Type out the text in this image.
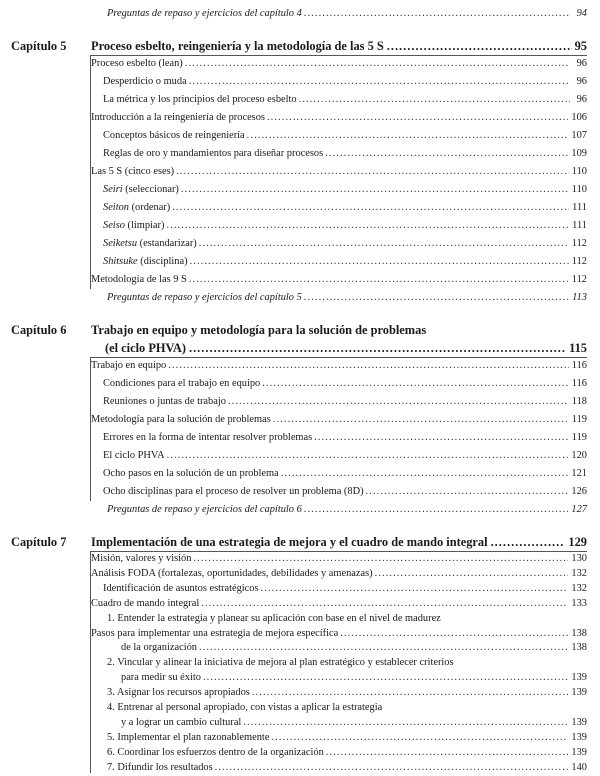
Preguntas de repaso y ejercicios del capítulo 4 .....	94
Capítulo 5 Proceso esbelto, reingeniería y la metodología de las 5 S .....	95
Proceso esbelto (lean) .....	96
Desperdicio o muda .....	96
La métrica y los principios del proceso esbelto .....	96
Introducción a la reingeniería de procesos .....	106
Conceptos básicos de reingeniería .....	107
Reglas de oro y mandamientos para diseñar procesos .....	109
Las 5 S (cinco eses) .....	110
Seiri (seleccionar) .....	110
Seiton (ordenar) .....	111
Seiso (limpiar) .....	111
Seiketsu (estandarizar) .....	112
Shitsuke (disciplina) .....	112
Metodología de las 9 S .....	112
Preguntas de repaso y ejercicios del capítulo 5 .....	113
Capítulo 6 Trabajo en equipo y metodología para la solución de problemas
(el ciclo PHVA) .....	115
Trabajo en equipo .....	116
Condiciones para el trabajo en equipo .....	116
Reuniones o juntas de trabajo .....	118
Metodología para la solución de problemas .....	119
Errores en la forma de intentar resolver problemas .....	119
El ciclo PHVA .....	120
Ocho pasos en la solución de un problema .....	121
Ocho disciplinas para el proceso de resolver un problema (8D) .....	126
Preguntas de repaso y ejercicios del capítulo 6 .....	127
Capítulo 7 Implementación de una estrategia de mejora y el cuadro de mando integral .....	129
Misión, valores y visión .....	130
Análisis FODA (fortalezas, oportunidades, debilidades y amenazas) .....	132
Identificación de asuntos estratégicos .....	132
Cuadro de mando integral .....	133
Pasos para implementar una estrategia de mejora específica .....	138
1. Entender la estrategia y planear su aplicación con base en el nivel de madurez
de la organización .....	138
2. Vincular y alinear la iniciativa de mejora al plan estratégico y establecer criterios
para medir su éxito .....	139
3. Asignar los recursos apropiados .....	139
4. Entrenar al personal apropiado, con vistas a aplicar la estrategia
y a lograr un cambio cultural .....	139
5. Implementar el plan razonablemente .....	139
6. Coordinar los esfuerzos dentro de la organización .....	139
7. Difundir los resultados .....	140
